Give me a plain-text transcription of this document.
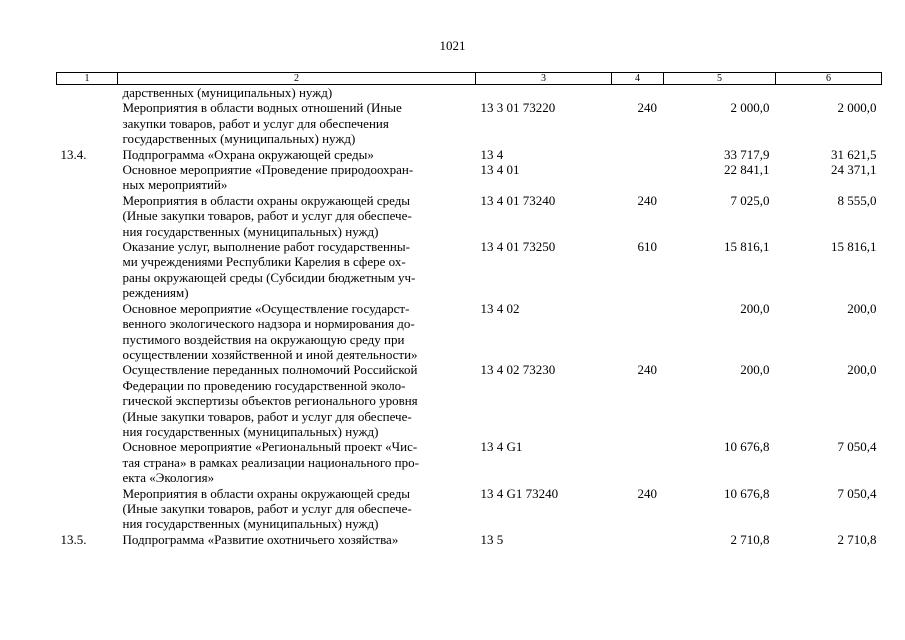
1021
1	2	3	4	5	6

	дарственных (муниципальных) нужд)				

	Мероприятия в области водных отношений (Иные
закупки товаров, работ и услуг для обеспечения
государственных (муниципальных) нужд)	13 3 01 73220	240	2 000,0	2 000,0
13.4.	Подпрограмма «Охрана окружающей среды»	13 4		33 717,9	31 621,5

	Основное мероприятие «Проведение природоохран-
ных мероприятий»	13 4 01		22 841,1	24 371,1

	Мероприятия в области охраны окружающей среды
(Иные закупки товаров, работ и услуг для обеспече-
ния государственных (муниципальных) нужд)	13 4 01 73240	240	7 025,0	8 555,0

	Оказание услуг, выполнение работ государственны-
ми учреждениями Республики Карелия в сфере ох-
раны окружающей среды (Субсидии бюджетным уч-
реждениям)	13 4 01 73250	610	15 816,1	15 816,1

	Основное мероприятие «Осуществление государст-
венного экологического надзора и нормирования до-
пустимого воздействия на окружающую среду при
осуществлении хозяйственной и иной деятельности»	13 4 02		200,0	200,0

	Осуществление переданных полномочий Российской
Федерации по проведению государственной эколо-
гической экспертизы объектов регионального уровня
(Иные закупки товаров, работ и услуг для обеспече-
ния государственных (муниципальных) нужд)	13 4 02 73230	240	200,0	200,0

	Основное мероприятие «Региональный проект «Чис-
тая страна» в рамках реализации национального про-
екта «Экология»	13 4 G1		10 676,8	7 050,4

	Мероприятия в области охраны окружающей среды
(Иные закупки товаров, работ и услуг для обеспече-
ния государственных (муниципальных) нужд)	13 4 G1 73240	240	10 676,8	7 050,4
13.5.	Подпрограмма «Развитие охотничьего хозяйства»	13 5		2 710,8	2 710,8
